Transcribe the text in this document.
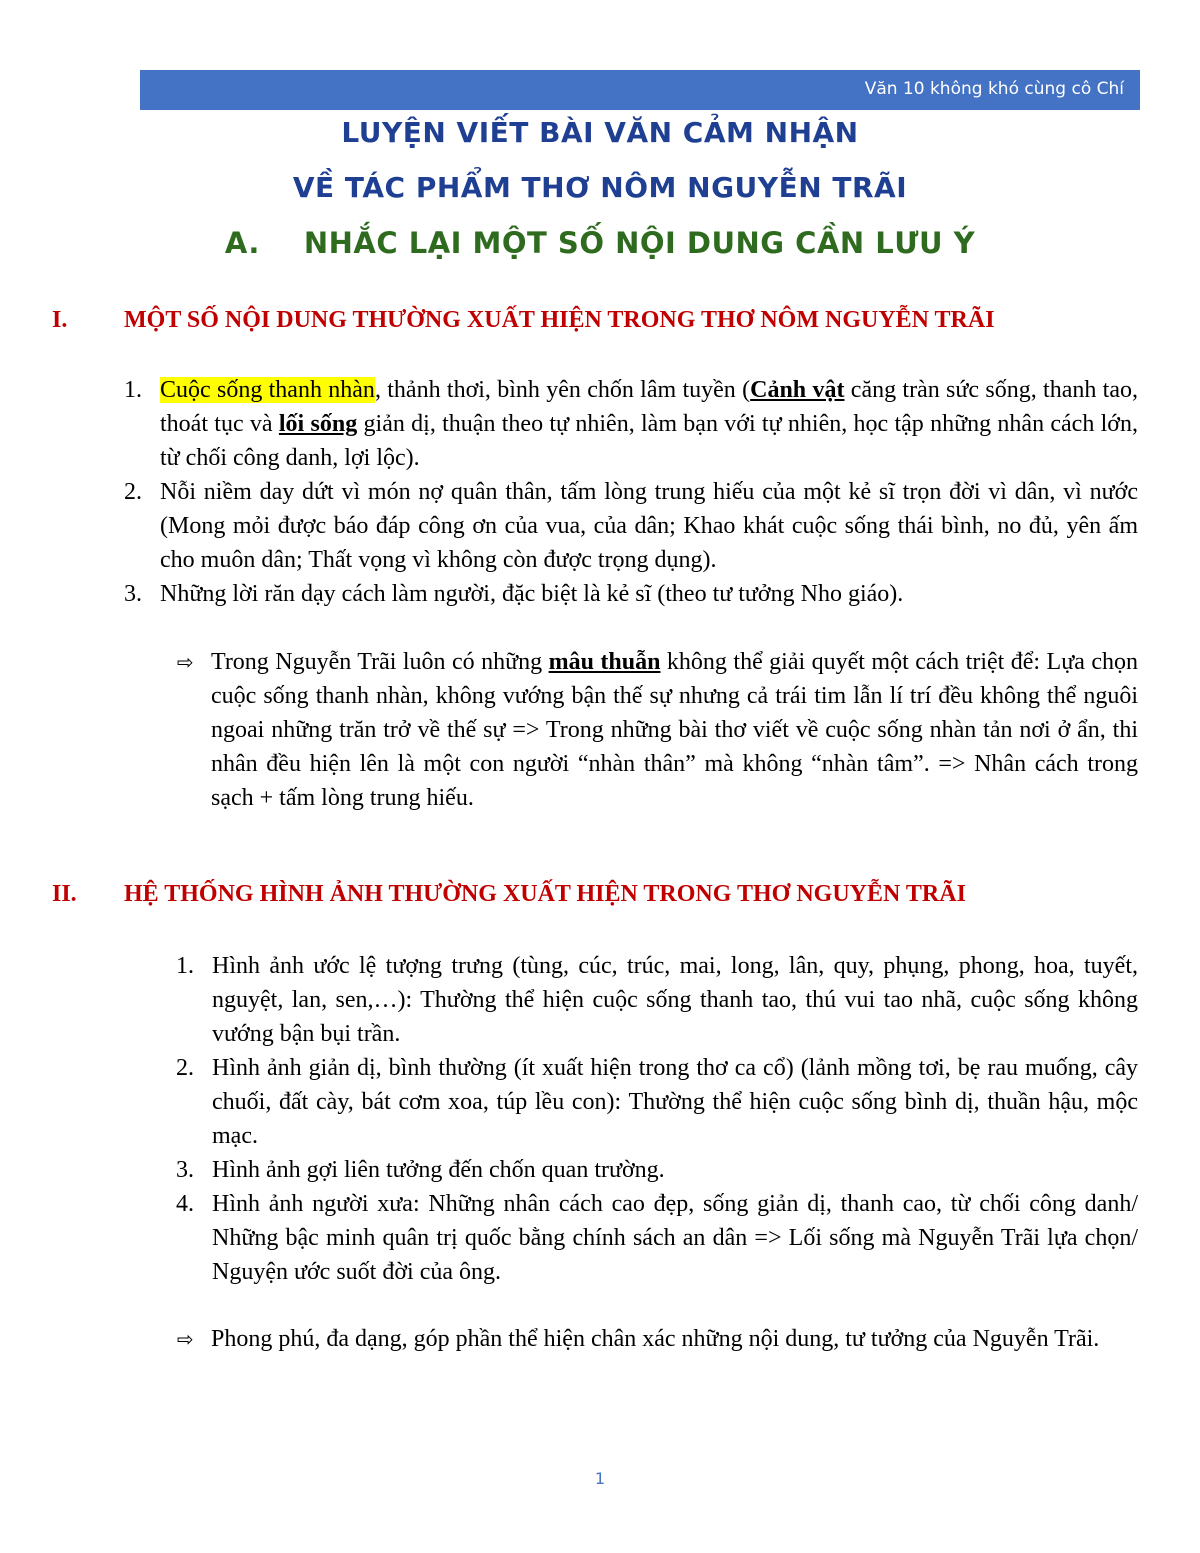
Văn 10 không khó cùng cô Chí
LUYỆN VIẾT BÀI VĂN CẢM NHẬN
VỀ TÁC PHẨM THƠ NÔM NGUYỄN TRÃI
A. NHẮC LẠI MỘT SỐ NỘI DUNG CẦN LƯU Ý
I. MỘT SỐ NỘI DUNG THƯỜNG XUẤT HIỆN TRONG THƠ NÔM NGUYỄN TRÃI
1. Cuộc sống thanh nhàn, thảnh thơi, bình yên chốn lâm tuyền (Cảnh vật căng tràn sức sống, thanh tao, thoát tục và lối sống giản dị, thuận theo tự nhiên, làm bạn với tự nhiên, học tập những nhân cách lớn, từ chối công danh, lợi lộc).
2. Nỗi niềm day dứt vì món nợ quân thân, tấm lòng trung hiếu của một kẻ sĩ trọn đời vì dân, vì nước (Mong mỏi được báo đáp công ơn của vua, của dân; Khao khát cuộc sống thái bình, no đủ, yên ấm cho muôn dân; Thất vọng vì không còn được trọng dụng).
3. Những lời răn dạy cách làm người, đặc biệt là kẻ sĩ (theo tư tưởng Nho giáo).
⇨ Trong Nguyễn Trãi luôn có những mâu thuẫn không thể giải quyết một cách triệt để: Lựa chọn cuộc sống thanh nhàn, không vướng bận thế sự nhưng cả trái tim lẫn lí trí đều không thể nguôi ngoai những trăn trở về thế sự => Trong những bài thơ viết về cuộc sống nhàn tản nơi ở ẩn, thi nhân đều hiện lên là một con người “nhàn thân” mà không “nhàn tâm”. => Nhân cách trong sạch + tấm lòng trung hiếu.
II. HỆ THỐNG HÌNH ẢNH THƯỜNG XUẤT HIỆN TRONG THƠ NGUYỄN TRÃI
1. Hình ảnh ước lệ tượng trưng (tùng, cúc, trúc, mai, long, lân, quy, phụng, phong, hoa, tuyết, nguyệt, lan, sen,…): Thường thể hiện cuộc sống thanh tao, thú vui tao nhã, cuộc sống không vướng bận bụi trần.
2. Hình ảnh giản dị, bình thường (ít xuất hiện trong thơ ca cổ) (lảnh mồng tơi, bẹ rau muống, cây chuối, đất cày, bát cơm xoa, túp lều con): Thường thể hiện cuộc sống bình dị, thuần hậu, mộc mạc.
3. Hình ảnh gợi liên tưởng đến chốn quan trường.
4. Hình ảnh người xưa: Những nhân cách cao đẹp, sống giản dị, thanh cao, từ chối công danh/ Những bậc minh quân trị quốc bằng chính sách an dân => Lối sống mà Nguyễn Trãi lựa chọn/ Nguyện ước suốt đời của ông.
⇨ Phong phú, đa dạng, góp phần thể hiện chân xác những nội dung, tư tưởng của Nguyễn Trãi.
1
